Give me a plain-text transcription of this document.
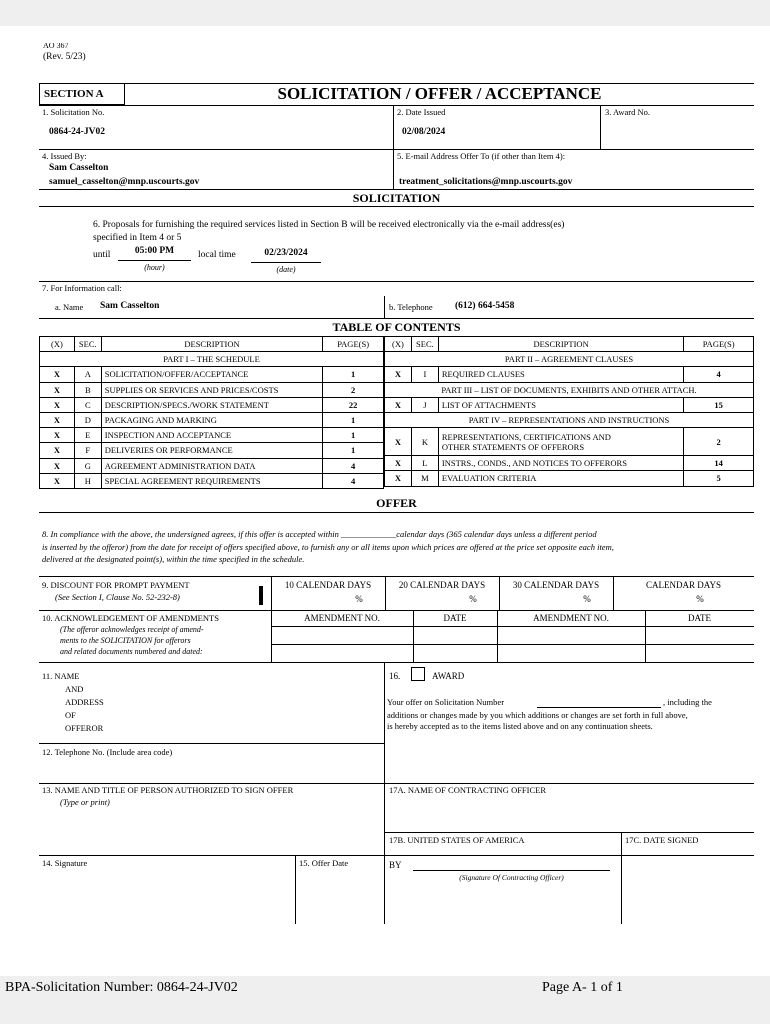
AO 367
(Rev. 5/23)
SECTION A	SOLICITATION / OFFER / ACCEPTANCE
1. Solicitation No.
0864-24-JV02
2. Date Issued
02/08/2024
3. Award No.
4. Issued By:
Sam Casselton
samuel_casselton@mnp.uscourts.gov
5. E-mail Address Offer To (if other than Item 4):
treatment_solicitations@mnp.uscourts.gov
SOLICITATION
6. Proposals for furnishing the required services listed in Section B will be received electronically via the e-mail address(es)
specified in Item 4 or 5
until	05:00 PM
(hour)
local time	02/23/2024
(date)
7. For Information call:
a. Name Sam Casselton	b. Telephone (612) 664-5458
TABLE OF CONTENTS
(X)	SEC.	DESCRIPTION	PAGE(S)
PART I – THE SCHEDULE			
X	A	SOLICITATION/OFFER/ACCEPTANCE	1
X	B	SUPPLIES OR SERVICES AND PRICES/COSTS	2
X	C	DESCRIPTION/SPECS./WORK STATEMENT	22
X	D	PACKAGING AND MARKING	1
X	E	INSPECTION AND ACCEPTANCE	1
X	F	DELIVERIES OR PERFORMANCE	1
X	G	AGREEMENT ADMINISTRATION DATA	4
X	H	SPECIAL AGREEMENT REQUIREMENTS	4
(X)	SEC.	DESCRIPTION	PAGE(S)
PART II – AGREEMENT CLAUSES			
X	I	REQUIRED CLAUSES	4
PART III – LIST OF DOCUMENTS, EXHIBITS AND OTHER ATTACH.			
X	J	LIST OF ATTACHMENTS	15
PART IV – REPRESENTATIONS AND INSTRUCTIONS			
X	K	REPRESENTATIONS, CERTIFICATIONS AND
OTHER STATEMENTS OF OFFERORS	2
X	L	INSTRS., CONDS., AND NOTICES TO OFFERORS	14
X	M	EVALUATION CRITERIA	5
OFFER
8. In compliance with the above, the undersigned agrees, if this offer is accepted within _____________calendar days (365 calendar days unless a different period
is inserted by the offeror) from the date for receipt of offers specified above, to furnish any or all items upon which prices are offered at the price set opposite each item,
delivered at the designated point(s), within the time specified in the schedule.
9. DISCOUNT FOR PROMPT PAYMENT
(See Section I, Clause No. 52-232-8)
10 CALENDAR DAYS
%
20 CALENDAR DAYS
%
30 CALENDAR DAYS
%
CALENDAR DAYS
%
10. ACKNOWLEDGEMENT OF AMENDMENTS
(The offeror acknowledges receipt of amend-
ments to the SOLICITATION for offerors
and related documents numbered and dated:
AMENDMENT NO.	DATE	AMENDMENT NO.	DATE
11. NAME
AND
ADDRESS
OF
OFFEROR
16.	AWARD
Your offer on Solicitation Number	, including the
additions or changes made by you which additions or changes are set forth in full above,
is hereby accepted as to the items listed above and on any continuation sheets.
12. Telephone No. (Include area code)
13. NAME AND TITLE OF PERSON AUTHORIZED TO SIGN OFFER
(Type or print)
17A. NAME OF CONTRACTING OFFICER
17B. UNITED STATES OF AMERICA	17C. DATE SIGNED
14. Signature	15. Offer Date	BY
(Signature Of Contracting Officer)
BPA-Solicitation Number: 0864-24-JV02	Page A- 1 of 1
